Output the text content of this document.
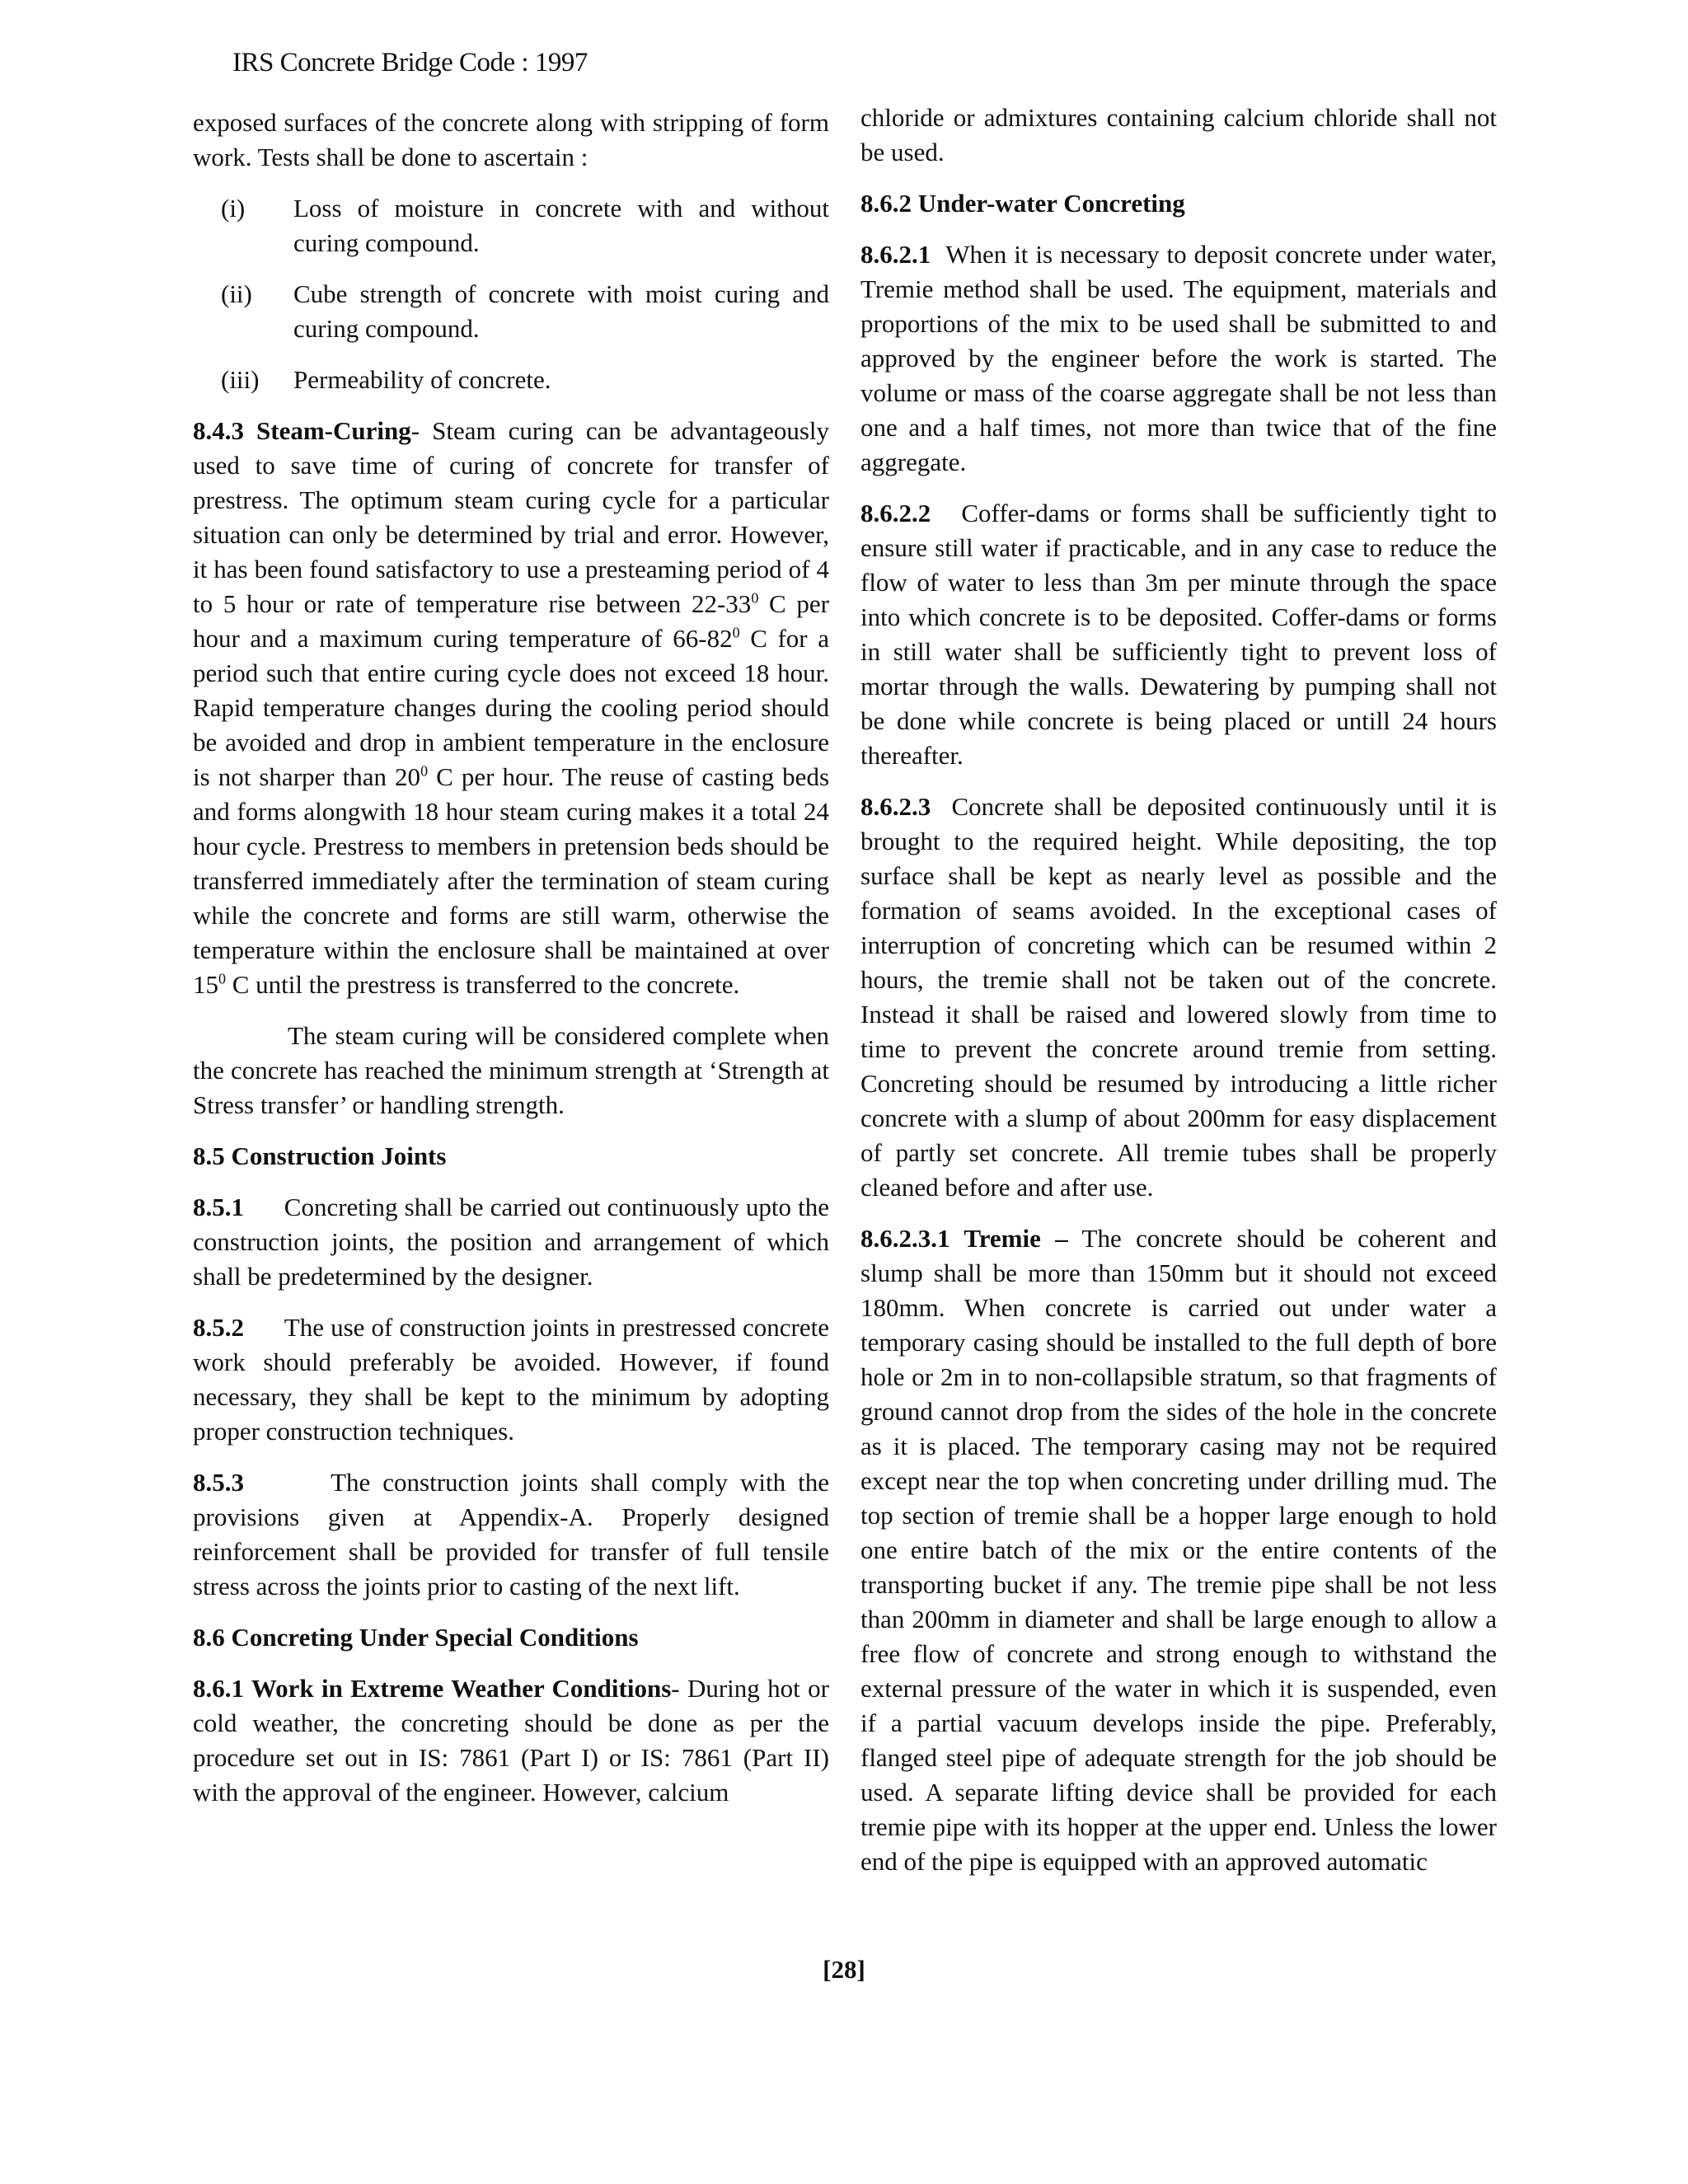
IRS Concrete Bridge Code : 1997

exposed surfaces of the concrete along with stripping of form work. Tests shall be done to ascertain :

(i)	Loss of moisture in concrete with and without curing compound.
(ii)	Cube strength of concrete with moist curing and curing compound.
(iii)	Permeability of concrete.

8.4.3 Steam-Curing- Steam curing can be advantageously used to save time of curing of concrete for transfer of prestress. The optimum steam curing cycle for a particular situation can only be determined by trial and error. However, it has been found satisfactory to use a presteaming period of 4 to 5 hour or rate of temperature rise between $22-33^0$ C per hour and a maximum curing temperature of $66-82^0$ C for a period such that entire curing cycle does not exceed 18 hour. Rapid temperature changes during the cooling period should be avoided and drop in ambient temperature in the enclosure is not sharper than $20^0$ C per hour. The reuse of casting beds and forms alongwith 18 hour steam curing makes it a total 24 hour cycle. Prestress to members in pretension beds should be transferred immediately after the termination of steam curing while the concrete and forms are still warm, otherwise the temperature within the enclosure shall be maintained at over $15^0$ C until the prestress is transferred to the concrete.

The steam curing will be considered complete when the concrete has reached the minimum strength at ‘Strength at Stress transfer’ or handling strength.

8.5 Construction Joints

8.5.1 Concreting shall be carried out continuously upto the construction joints, the position and arrangement of which shall be predetermined by the designer.

8.5.2 The use of construction joints in prestressed concrete work should preferably be avoided. However, if found necessary, they shall be kept to the minimum by adopting proper construction techniques.

8.5.3	The construction joints shall comply with the provisions given at Appendix-A. Properly designed reinforcement shall be provided for transfer of full tensile stress across the joints prior to casting of the next lift.

8.6 Concreting Under Special Conditions

8.6.1 Work in Extreme Weather Conditions- During hot or cold weather, the concreting should be done as per the procedure set out in IS: 7861 (Part I) or IS: 7861 (Part II) with the approval of the engineer. However, calcium

chloride or admixtures containing calcium chloride shall not be used.

8.6.2 Under-water Concreting

8.6.2.1 When it is necessary to deposit concrete under water, Tremie method shall be used. The equipment, materials and proportions of the mix to be used shall be submitted to and approved by the engineer before the work is started. The volume or mass of the coarse aggregate shall be not less than one and a half times, not more than twice that of the fine aggregate.

8.6.2.2 Coffer-dams or forms shall be sufficiently tight to ensure still water if practicable, and in any case to reduce the flow of water to less than 3m per minute through the space into which concrete is to be deposited. Coffer-dams or forms in still water shall be sufficiently tight to prevent loss of mortar through the walls. Dewatering by pumping shall not be done while concrete is being placed or untill 24 hours thereafter.

8.6.2.3 Concrete shall be deposited continuously until it is brought to the required height. While depositing, the top surface shall be kept as nearly level as possible and the formation of seams avoided. In the exceptional cases of interruption of concreting which can be resumed within 2 hours, the tremie shall not be taken out of the concrete. Instead it shall be raised and lowered slowly from time to time to prevent the concrete around tremie from setting. Concreting should be resumed by introducing a little richer concrete with a slump of about 200mm for easy displacement of partly set concrete. All tremie tubes shall be properly cleaned before and after use.

8.6.2.3.1 Tremie – The concrete should be coherent and slump shall be more than 150mm but it should not exceed 180mm. When concrete is carried out under water a temporary casing should be installed to the full depth of bore hole or 2m in to non-collapsible stratum, so that fragments of ground cannot drop from the sides of the hole in the concrete as it is placed. The temporary casing may not be required except near the top when concreting under drilling mud. The top section of tremie shall be a hopper large enough to hold one entire batch of the mix or the entire contents of the transporting bucket if any. The tremie pipe shall be not less than 200mm in diameter and shall be large enough to allow a free flow of concrete and strong enough to withstand the external pressure of the water in which it is suspended, even if a partial vacuum develops inside the pipe. Preferably, flanged steel pipe of adequate strength for the job should be used. A separate lifting device shall be provided for each tremie pipe with its hopper at the upper end. Unless the lower end of the pipe is equipped with an approved automatic

[28]
